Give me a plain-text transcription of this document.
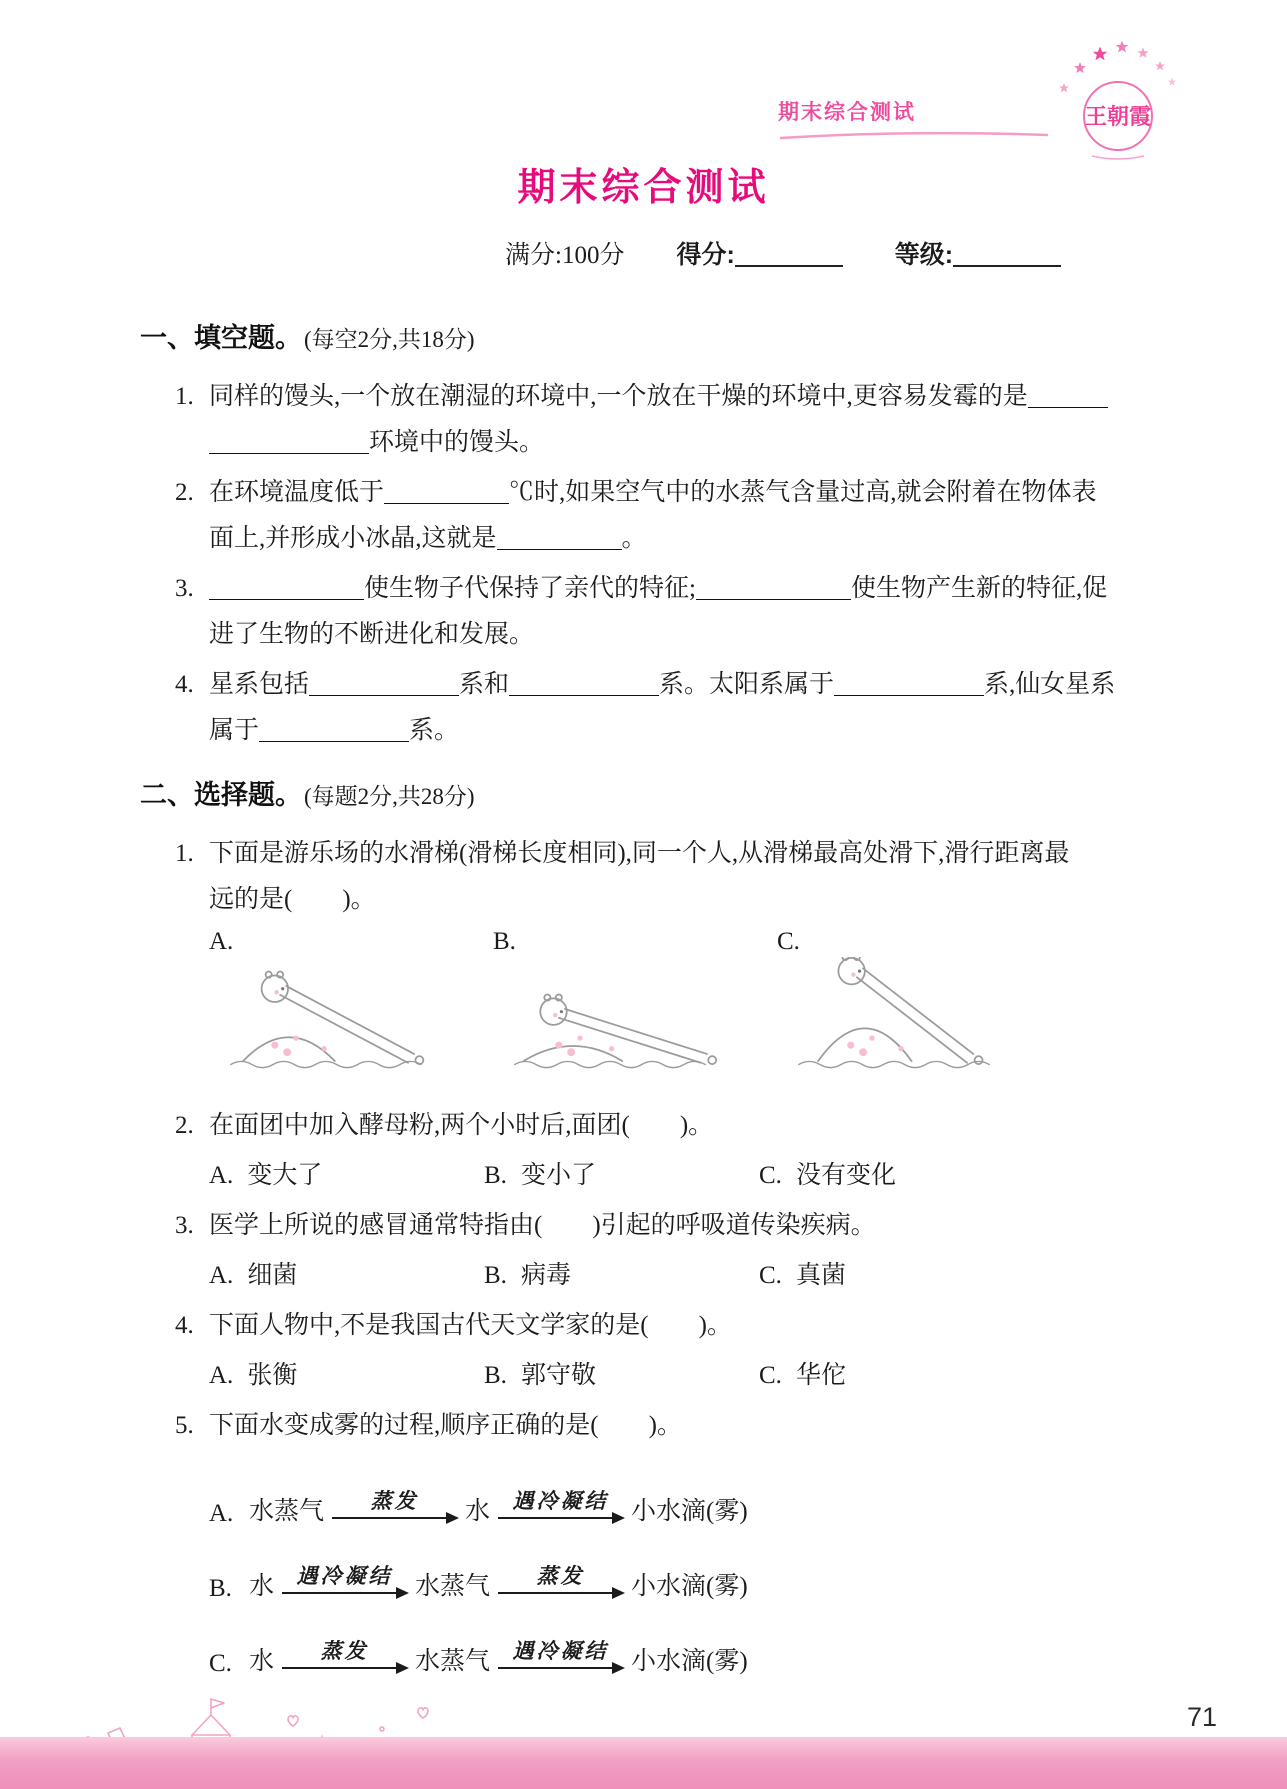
期末综合测试	王朝霞
期末综合测试
满分:100分 得分:	等级:
一、填空题。(每空2分,共18分)
1. 同样的馒头,一个放在潮湿的环境中,一个放在干燥的环境中,更容易发霉的是
环境中的馒头。
2. 在环境温度低于	℃时,如果空气中的水蒸气含量过高,就会附着在物体表
面上,并形成小冰晶,这就是	。
3.	使生物子代保持了亲代的特征;	使生物产生新的特征,促
进了生物的不断进化和发展。
4. 星系包括	系和	系。太阳系属于	系,仙女星系
属于	系。
二、选择题。(每题2分,共28分)
1. 下面是游乐场的水滑梯(滑梯长度相同),同一个人,从滑梯最高处滑下,滑行距离最
远的是(　　)。
A.	B.	C.
2. 在面团中加入酵母粉,两个小时后,面团(　　)。
A. 变大了	B. 变小了	C. 没有变化
3. 医学上所说的感冒通常特指由(　　)引起的呼吸道传染疾病。
A. 细菌	B. 病毒	C. 真菌
4. 下面人物中,不是我国古代天文学家的是(　　)。
A. 张衡	B. 郭守敬	C. 华佗
5. 下面水变成雾的过程,顺序正确的是(　　)。
A. 水蒸气 蒸发 水 遇冷凝结 小水滴(雾)
B. 水 遇冷凝结 水蒸气 蒸发 小水滴(雾)
C. 水 蒸发 水蒸气 遇冷凝结 小水滴(雾)
71
